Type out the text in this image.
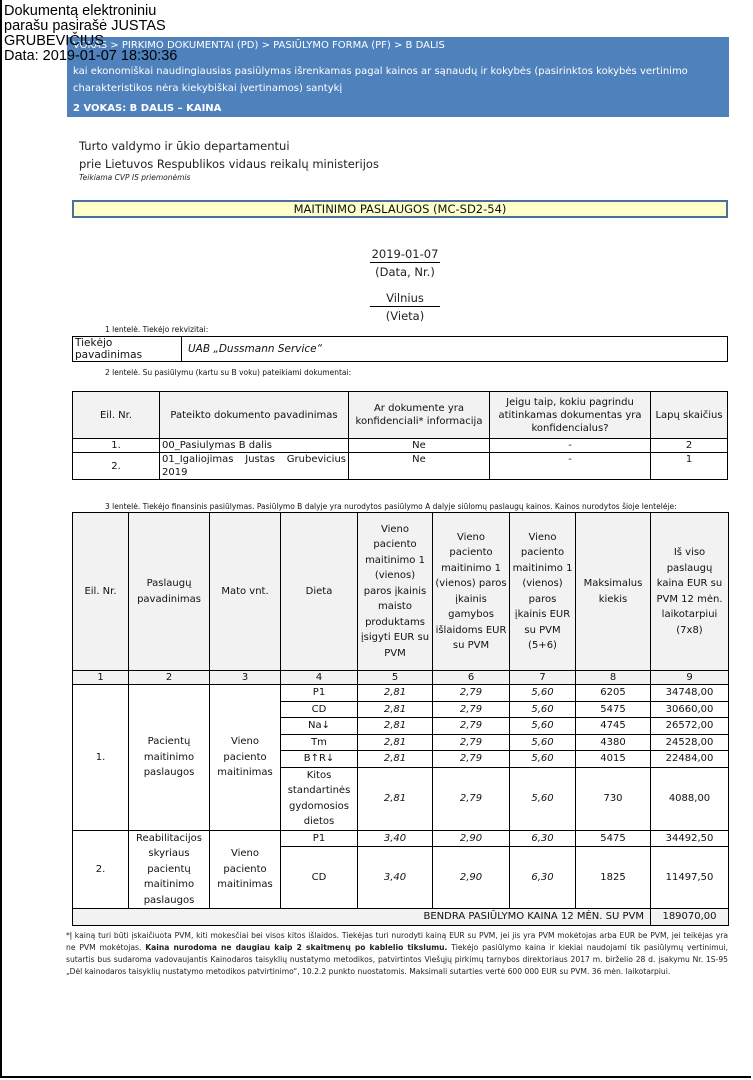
Dokumentą elektroniniu
parašu pasirašė JUSTAS
GRUBEVIČIUS
Data: 2019-01-07 18:30:36
VOKAS > PIRKIMO DOKUMENTAI (PD) > PASIŪLYMO FORMA (PF) > B DALIS
kai ekonomiškai naudingiausias pasiūlymas išrenkamas pagal kainos ar sąnaudų ir kokybės (pasirinktos kokybės vertinimo charakteristikos nėra kiekybiškai įvertinamos) santykį
2 VOKAS: B DALIS – KAINA
Turto valdymo ir ūkio departamentui
prie Lietuvos Respublikos vidaus reikalų ministerijos
Teikiama CVP IS priemonėmis
MAITINIMO PASLAUGOS (MC-SD2-54)
2019-01-07
(Data, Nr.)
Vilnius
(Vieta)
1 lentelė. Tiekėjo rekvizitai:
Tiekėjo pavadinimas	UAB „Dussmann Service“
2 lentelė. Su pasiūlymu (kartu su B voku) pateikiami dokumentai:
Eil. Nr.	Pateikto dokumento pavadinimas	Ar dokumente yra konfidenciali* informacija	Jeigu taip, kokiu pagrindu atitinkamas dokumentas yra konfidencialus?	Lapų skaičius
1.	00_Pasiulymas B dalis	Ne	-	2
2.	01_Igaliojimas Justas Grubevicius 2019	Ne	-	1
3 lentelė. Tiekėjo finansinis pasiūlymas. Pasiūlymo B dalyje yra nurodytos pasiūlymo A dalyje siūlomų paslaugų kainos. Kainos nurodytos šioje lentelėje:
Eil. Nr.	Paslaugų pavadinimas	Mato vnt.	Dieta	Vieno paciento maitinimo 1 (vienos) paros įkainis maisto produktams įsigyti EUR su PVM	Vieno paciento maitinimo 1 (vienos) paros įkainis gamybos išlaidoms EUR su PVM	Vieno paciento maitinimo 1 (vienos) paros įkainis EUR su PVM (5+6)	Maksimalus kiekis	Iš viso paslaugų kaina EUR su PVM 12 mėn. laikotarpiui (7x8)
1	2	3	4	5	6	7	8	9
1.	Pacientų maitinimo paslaugos	Vieno paciento maitinimas	P1	2,81	2,79	5,60	6205	34748,00
			CD	2,81	2,79	5,60	5475	30660,00
			Na↓	2,81	2,79	5,60	4745	26572,00
			Tm	2,81	2,79	5,60	4380	24528,00
			B↑R↓	2,81	2,79	5,60	4015	22484,00
			Kitos standartinės gydomosios dietos	2,81	2,79	5,60	730	4088,00
2.	Reabilitacijos skyriaus pacientų maitinimo paslaugos	Vieno paciento maitinimas	P1	3,40	2,90	6,30	5475	34492,50
			CD	3,40	2,90	6,30	1825	11497,50
BENDRA PASIŪLYMO KAINA 12 MĖN. SU PVM								189070,00
*Į kainą turi būti įskaičiuota PVM, kiti mokesčiai bei visos kitos išlaidos. Tiekėjas turi nurodyti kainą EUR su PVM, jei jis yra PVM mokėtojas arba EUR be PVM, jei teikėjas yra ne PVM mokėtojas. Kaina nurodoma ne daugiau kaip 2 skaitmenų po kablelio tikslumu. Tiekėjo pasiūlymo kaina ir kiekiai naudojami tik pasiūlymų vertinimui, sutartis bus sudaroma vadovaujantis Kainodaros taisyklių nustatymo metodikos, patvirtintos Viešųjų pirkimų tarnybos direktoriaus 2017 m. birželio 28 d. įsakymu Nr. 1S-95 „Dėl kainodaros taisyklių nustatymo metodikos patvirtinimo“, 10.2.2 punkto nuostatomis. Maksimali sutarties vertė 600 000 EUR su PVM. 36 mėn. laikotarpiui.
